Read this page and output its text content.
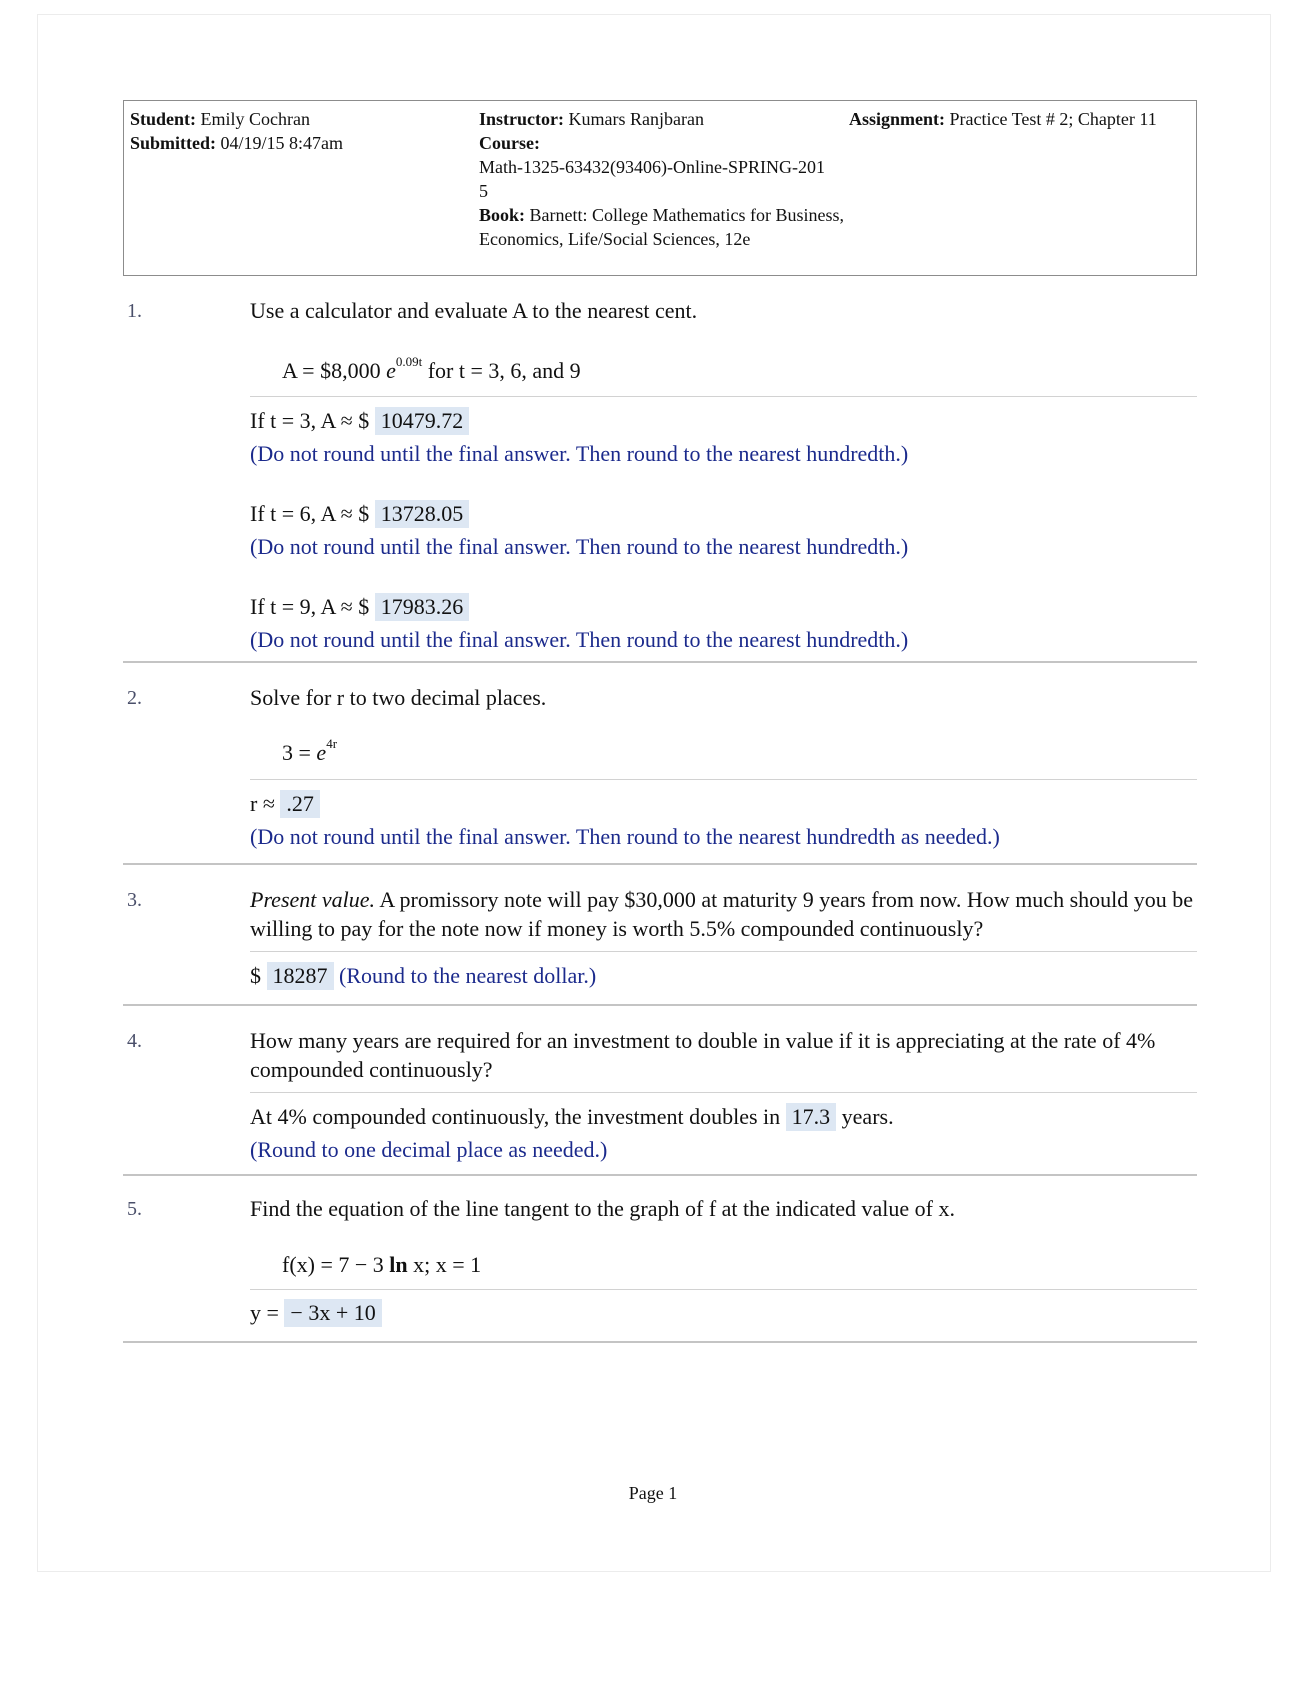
Student: Emily Cochran
Submitted: 04/19/15 8:47am
Instructor: Kumars Ranjbaran
Course:
Math-1325-63432(93406)-Online-SPRING-2015
Book: Barnett: College Mathematics for Business, Economics, Life/Social Sciences, 12e
Assignment: Practice Test # 2; Chapter 11
1.	Use a calculator and evaluate A to the nearest cent.
A = $8,000 $e^{0.09t}$ for t = 3, 6, and 9
If t = 3, A ≈ $ 10479.72
(Do not round until the final answer. Then round to the nearest hundredth.)
If t = 6, A ≈ $ 13728.05
(Do not round until the final answer. Then round to the nearest hundredth.)
If t = 9, A ≈ $ 17983.26
(Do not round until the final answer. Then round to the nearest hundredth.)
2.	Solve for r to two decimal places.
$3 = e^{4r}$
r ≈ .27
(Do not round until the final answer. Then round to the nearest hundredth as needed.)
3.	Present value. A promissory note will pay $30,000 at maturity 9 years from now. How much should you be willing to pay for the note now if money is worth 5.5% compounded continuously?
$ 18287 (Round to the nearest dollar.)
4.	How many years are required for an investment to double in value if it is appreciating at the rate of 4% compounded continuously?
At 4% compounded continuously, the investment doubles in 17.3 years.
(Round to one decimal place as needed.)
5.	Find the equation of the line tangent to the graph of f at the indicated value of x.
f(x) = 7 − 3 ln x; x = 1
y = − 3x + 10
Page 1
